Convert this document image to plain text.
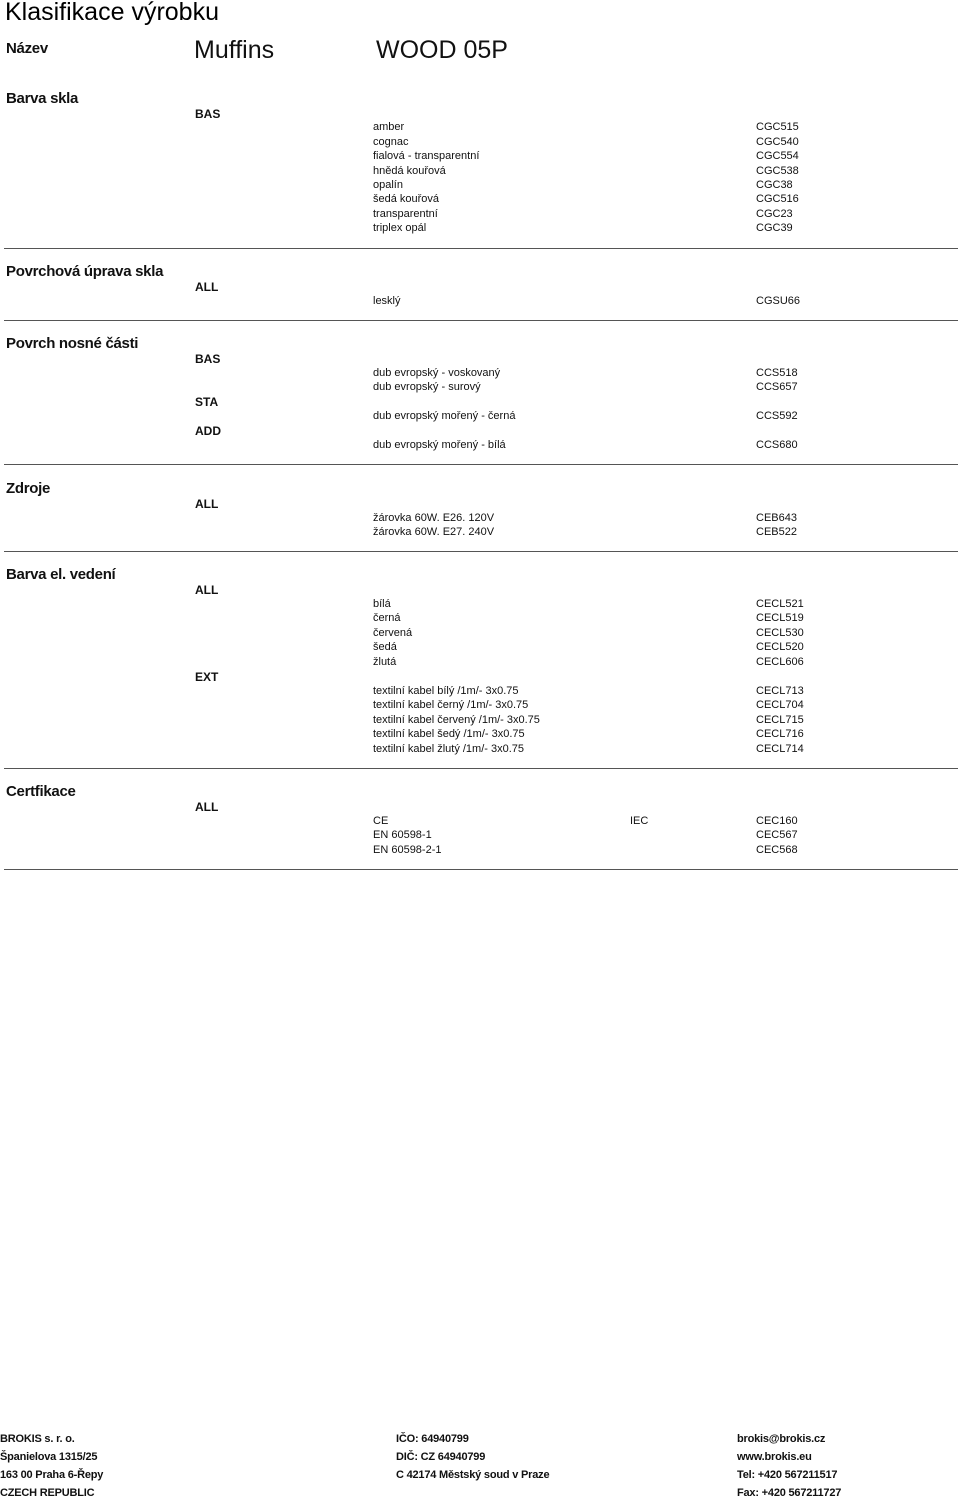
Klasifikace výrobku
Název	Muffins	WOOD 05P
Barva skla
BAS
amber	CGC515
cognac	CGC540
fialová - transparentní	CGC554
hnědá kouřová	CGC538
opalín	CGC38
šedá kouřová	CGC516
transparentní	CGC23
triplex opál	CGC39
Povrchová úprava skla
ALL
lesklý	CGSU66
Povrch nosné části
BAS
dub evropský - voskovaný	CCS518
dub evropský - surový	CCS657
STA
dub evropský mořený - černá	CCS592
ADD
dub evropský mořený - bílá	CCS680
Zdroje
ALL
žárovka 60W. E26. 120V	CEB643
žárovka 60W. E27. 240V	CEB522
Barva el. vedení
ALL
bílá	CECL521
černá	CECL519
červená	CECL530
šedá	CECL520
žlutá	CECL606
EXT
textilní kabel bílý /1m/- 3x0.75	CECL713
textilní kabel černý /1m/- 3x0.75	CECL704
textilní kabel červený /1m/- 3x0.75	CECL715
textilní kabel šedý /1m/- 3x0.75	CECL716
textilní kabel žlutý /1m/- 3x0.75	CECL714
Certfikace
ALL
CE	IEC	CEC160
EN 60598-1	CEC567
EN 60598-2-1	CEC568
BROKIS s. r. o.
Španielova 1315/25
163 00 Praha 6-Řepy
CZECH REPUBLIC
IČO: 64940799
DIČ: CZ 64940799
C 42174 Městský soud v Praze
brokis@brokis.cz
www.brokis.eu
Tel: +420 567211517
Fax: +420 567211727
